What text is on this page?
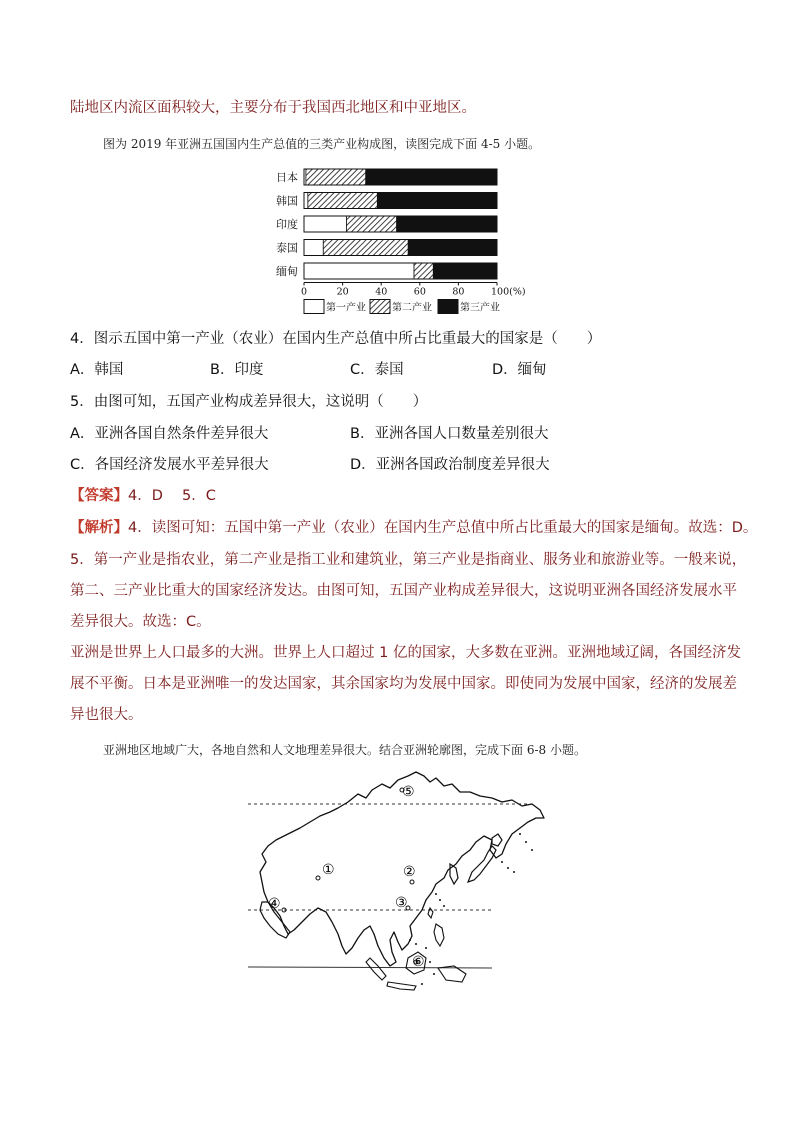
陆地区内流区面积较大，主要分布于我国西北地区和中亚地区。
图为 2019 年亚洲五国国内生产总值的三类产业构成图，读图完成下面 4-5 小题。
日本
韩国
印度
泰国
缅甸
0	20	40	60	80	100(%)
第一产业	第二产业	第三产业
4．图示五国中第一产业（农业）在国内生产总值中所占比重最大的国家是（　　）
A．韩国	B．印度	C．泰国	D．缅甸
5．由图可知，五国产业构成差异很大，这说明（　　）
A．亚洲各国自然条件差异很大	B．亚洲各国人口数量差别很大
C．各国经济发展水平差异很大	D．亚洲各国政治制度差异很大
【答案】4．D　 5．C
【解析】4．读图可知：五国中第一产业（农业）在国内生产总值中所占比重最大的国家是缅甸。故选：D。
5．第一产业是指农业，第二产业是指工业和建筑业，第三产业是指商业、服务业和旅游业等。一般来说，
第二、三产业比重大的国家经济发达。由图可知，五国产业构成差异很大，这说明亚洲各国经济发展水平
差异很大。故选：C。
亚洲是世界上人口最多的大洲。世界上人口超过 1 亿的国家，大多数在亚洲。亚洲地域辽阔，各国经济发
展不平衡。日本是亚洲唯一的发达国家，其余国家均为发展中国家。即使同为发展中国家，经济的发展差
异也很大。
亚洲地区地域广大，各地自然和人文地理差异很大。结合亚洲轮廓图，完成下面 6-8 小题。
①	②
③
④
⑤
⑥
